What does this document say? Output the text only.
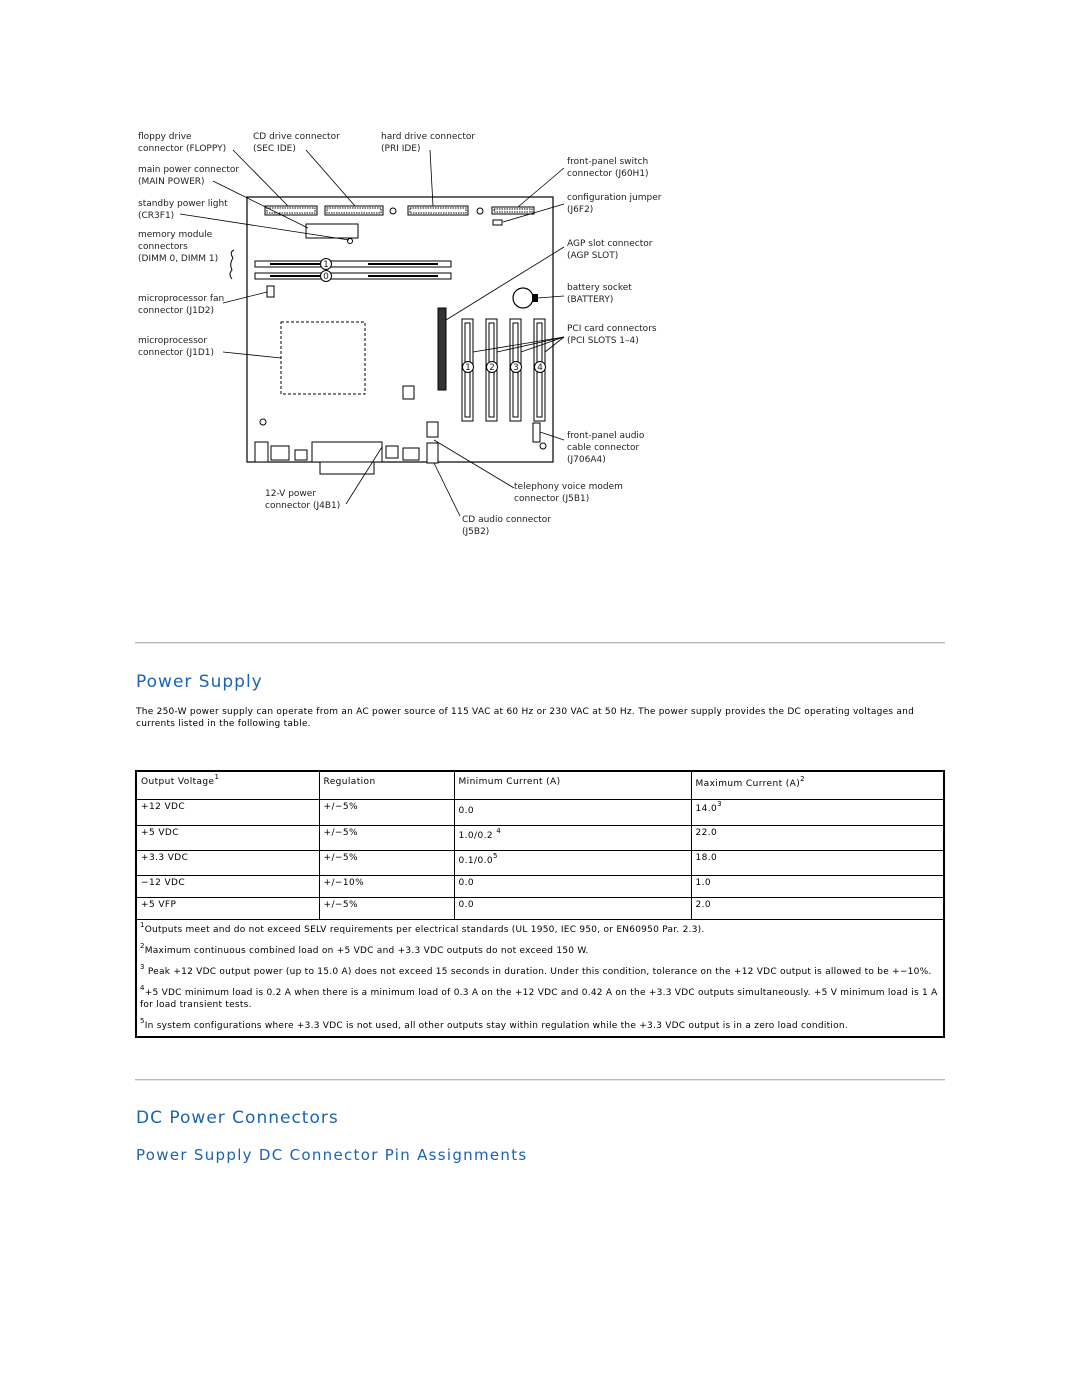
1
0
1 2 3 4
floppy drive connector (FLOPPY)
CD drive connector (SEC IDE)
hard drive connector (PRI IDE)
front-panel switch connector (J60H1)
main power connector (MAIN POWER)
configuration jumper (J6F2)
standby power light (CR3F1)
memory module connectors (DIMM 0, DIMM 1)
AGP slot connector (AGP SLOT)
battery socket (BATTERY)
microprocessor fan connector (J1D2)
PCI card connectors (PCI SLOTS 1–4)
microprocessor connector (J1D1)
front-panel audio cable connector (J706A4)
telephony voice modem connector (J5B1)
12-V power connector (J4B1)
CD audio connector (J5B2)
Power Supply

The 250-W power supply can operate from an AC power source of 115 VAC at 60 Hz or 230 VAC at 50 Hz. The power supply provides the DC operating voltages and currents listed in the following table.

Output Voltage$^1$	Regulation	Minimum Current (A)	Maximum Current $(A)^2$
+12 VDC	+/−5%	0.0	$14.0^3$
+5 VDC	+/−5%	1.0/0.2 $^4$	22.0
+3.3 VDC	+/−5%	$0.1/0.0^5$	18.0
−12 VDC	+/−10%	0.0	1.0
+5 VFP	+/−5%	0.0	2.0

$^1$Outputs meet and do not exceed SELV requirements per electrical standards (UL 1950, IEC 950, or EN60950 Par. 2.3).

$^2$Maximum continuous combined load on +5 VDC and +3.3 VDC outputs do not exceed 150 W.

$^3$ Peak +12 VDC output power (up to 15.0 A) does not exceed 15 seconds in duration. Under this condition, tolerance on the +12 VDC output is allowed to be +−10%.

$^4$+5 VDC minimum load is 0.2 A when there is a minimum load of 0.3 A on the +12 VDC and 0.42 A on the +3.3 VDC outputs simultaneously. +5 V minimum load is 1 A for load transient tests.

$^5$In system configurations where +3.3 VDC is not used, all other outputs stay within regulation while the +3.3 VDC output is in a zero load condition.			

DC Power Connectors
Power Supply DC Connector Pin Assignments
